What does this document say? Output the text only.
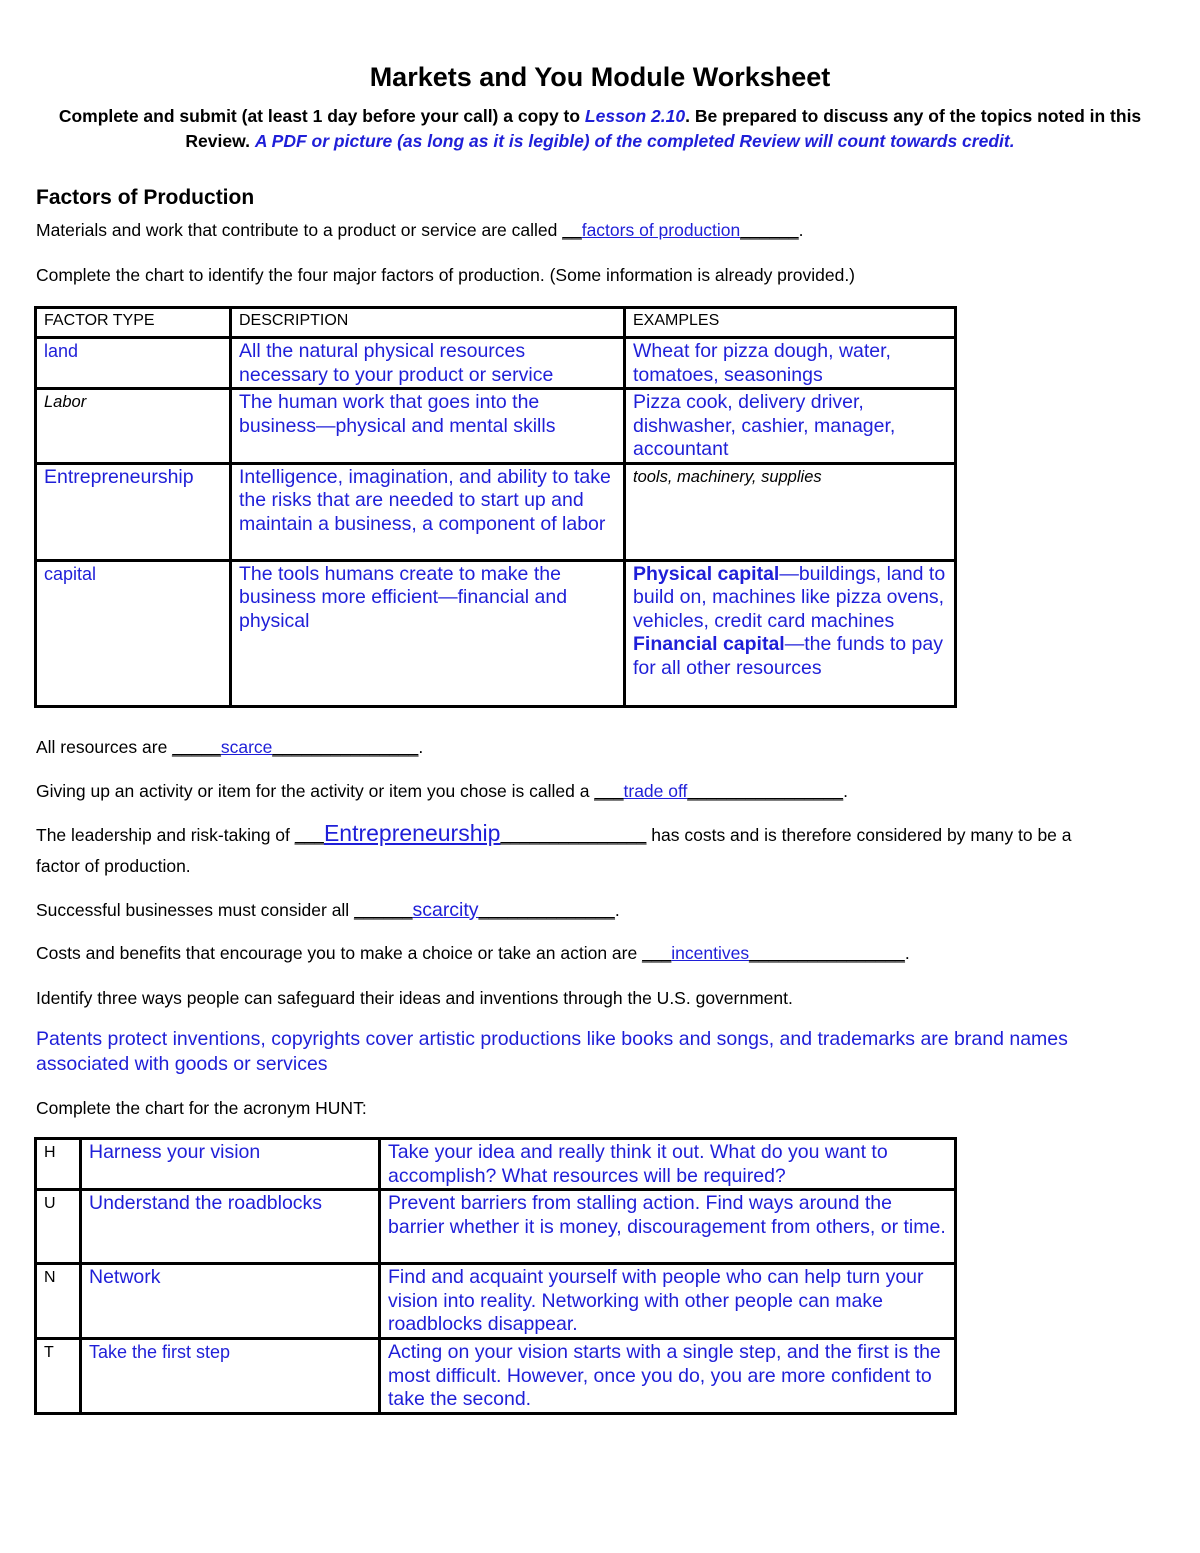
Markets and You Module Worksheet
Complete and submit (at least 1 day before your call) a copy to Lesson 2.10. Be prepared to discuss any of the topics noted in this Review. A PDF or picture (as long as it is legible) of the completed Review will count towards credit.
Factors of Production
Materials and work that contribute to a product or service are called __factors of production______.
Complete the chart to identify the four major factors of production. (Some information is already provided.)
FACTOR TYPE	DESCRIPTION	EXAMPLES
land	All the natural physical resources necessary to your product or service	Wheat for pizza dough, water, tomatoes, seasonings
Labor	The human work that goes into the business—physical and mental skills	Pizza cook, delivery driver, dishwasher, cashier, manager, accountant
Entrepreneurship	Intelligence, imagination, and ability to take the risks that are needed to start up and maintain a business, a component of labor	tools, machinery, supplies
capital	The tools humans create to make the business more efficient—financial and physical	Physical capital—buildings, land to build on, machines like pizza ovens, vehicles, credit card machines
Financial capital—the funds to pay for all other resources
All resources are _____scarce_______________.
Giving up an activity or item for the activity or item you chose is called a ___trade off________________.
The leadership and risk-taking of ___Entrepreneurship_______________ has costs and is therefore considered by many to be a
factor of production.
Successful businesses must consider all ______scarcity______________.
Costs and benefits that encourage you to make a choice or take an action are ___incentives________________.
Identify three ways people can safeguard their ideas and inventions through the U.S. government.
Patents protect inventions, copyrights cover artistic productions like books and songs, and trademarks are brand names associated with goods or services
Complete the chart for the acronym HUNT:
H	Harness your vision	Take your idea and really think it out. What do you want to accomplish? What resources will be required?
U	Understand the roadblocks	Prevent barriers from stalling action. Find ways around the barrier whether it is money, discouragement from others, or time.
N	Network	Find and acquaint yourself with people who can help turn your vision into reality. Networking with other people can make roadblocks disappear.
T	Take the first step	Acting on your vision starts with a single step, and the first is the most difficult. However, once you do, you are more confident to take the second.
